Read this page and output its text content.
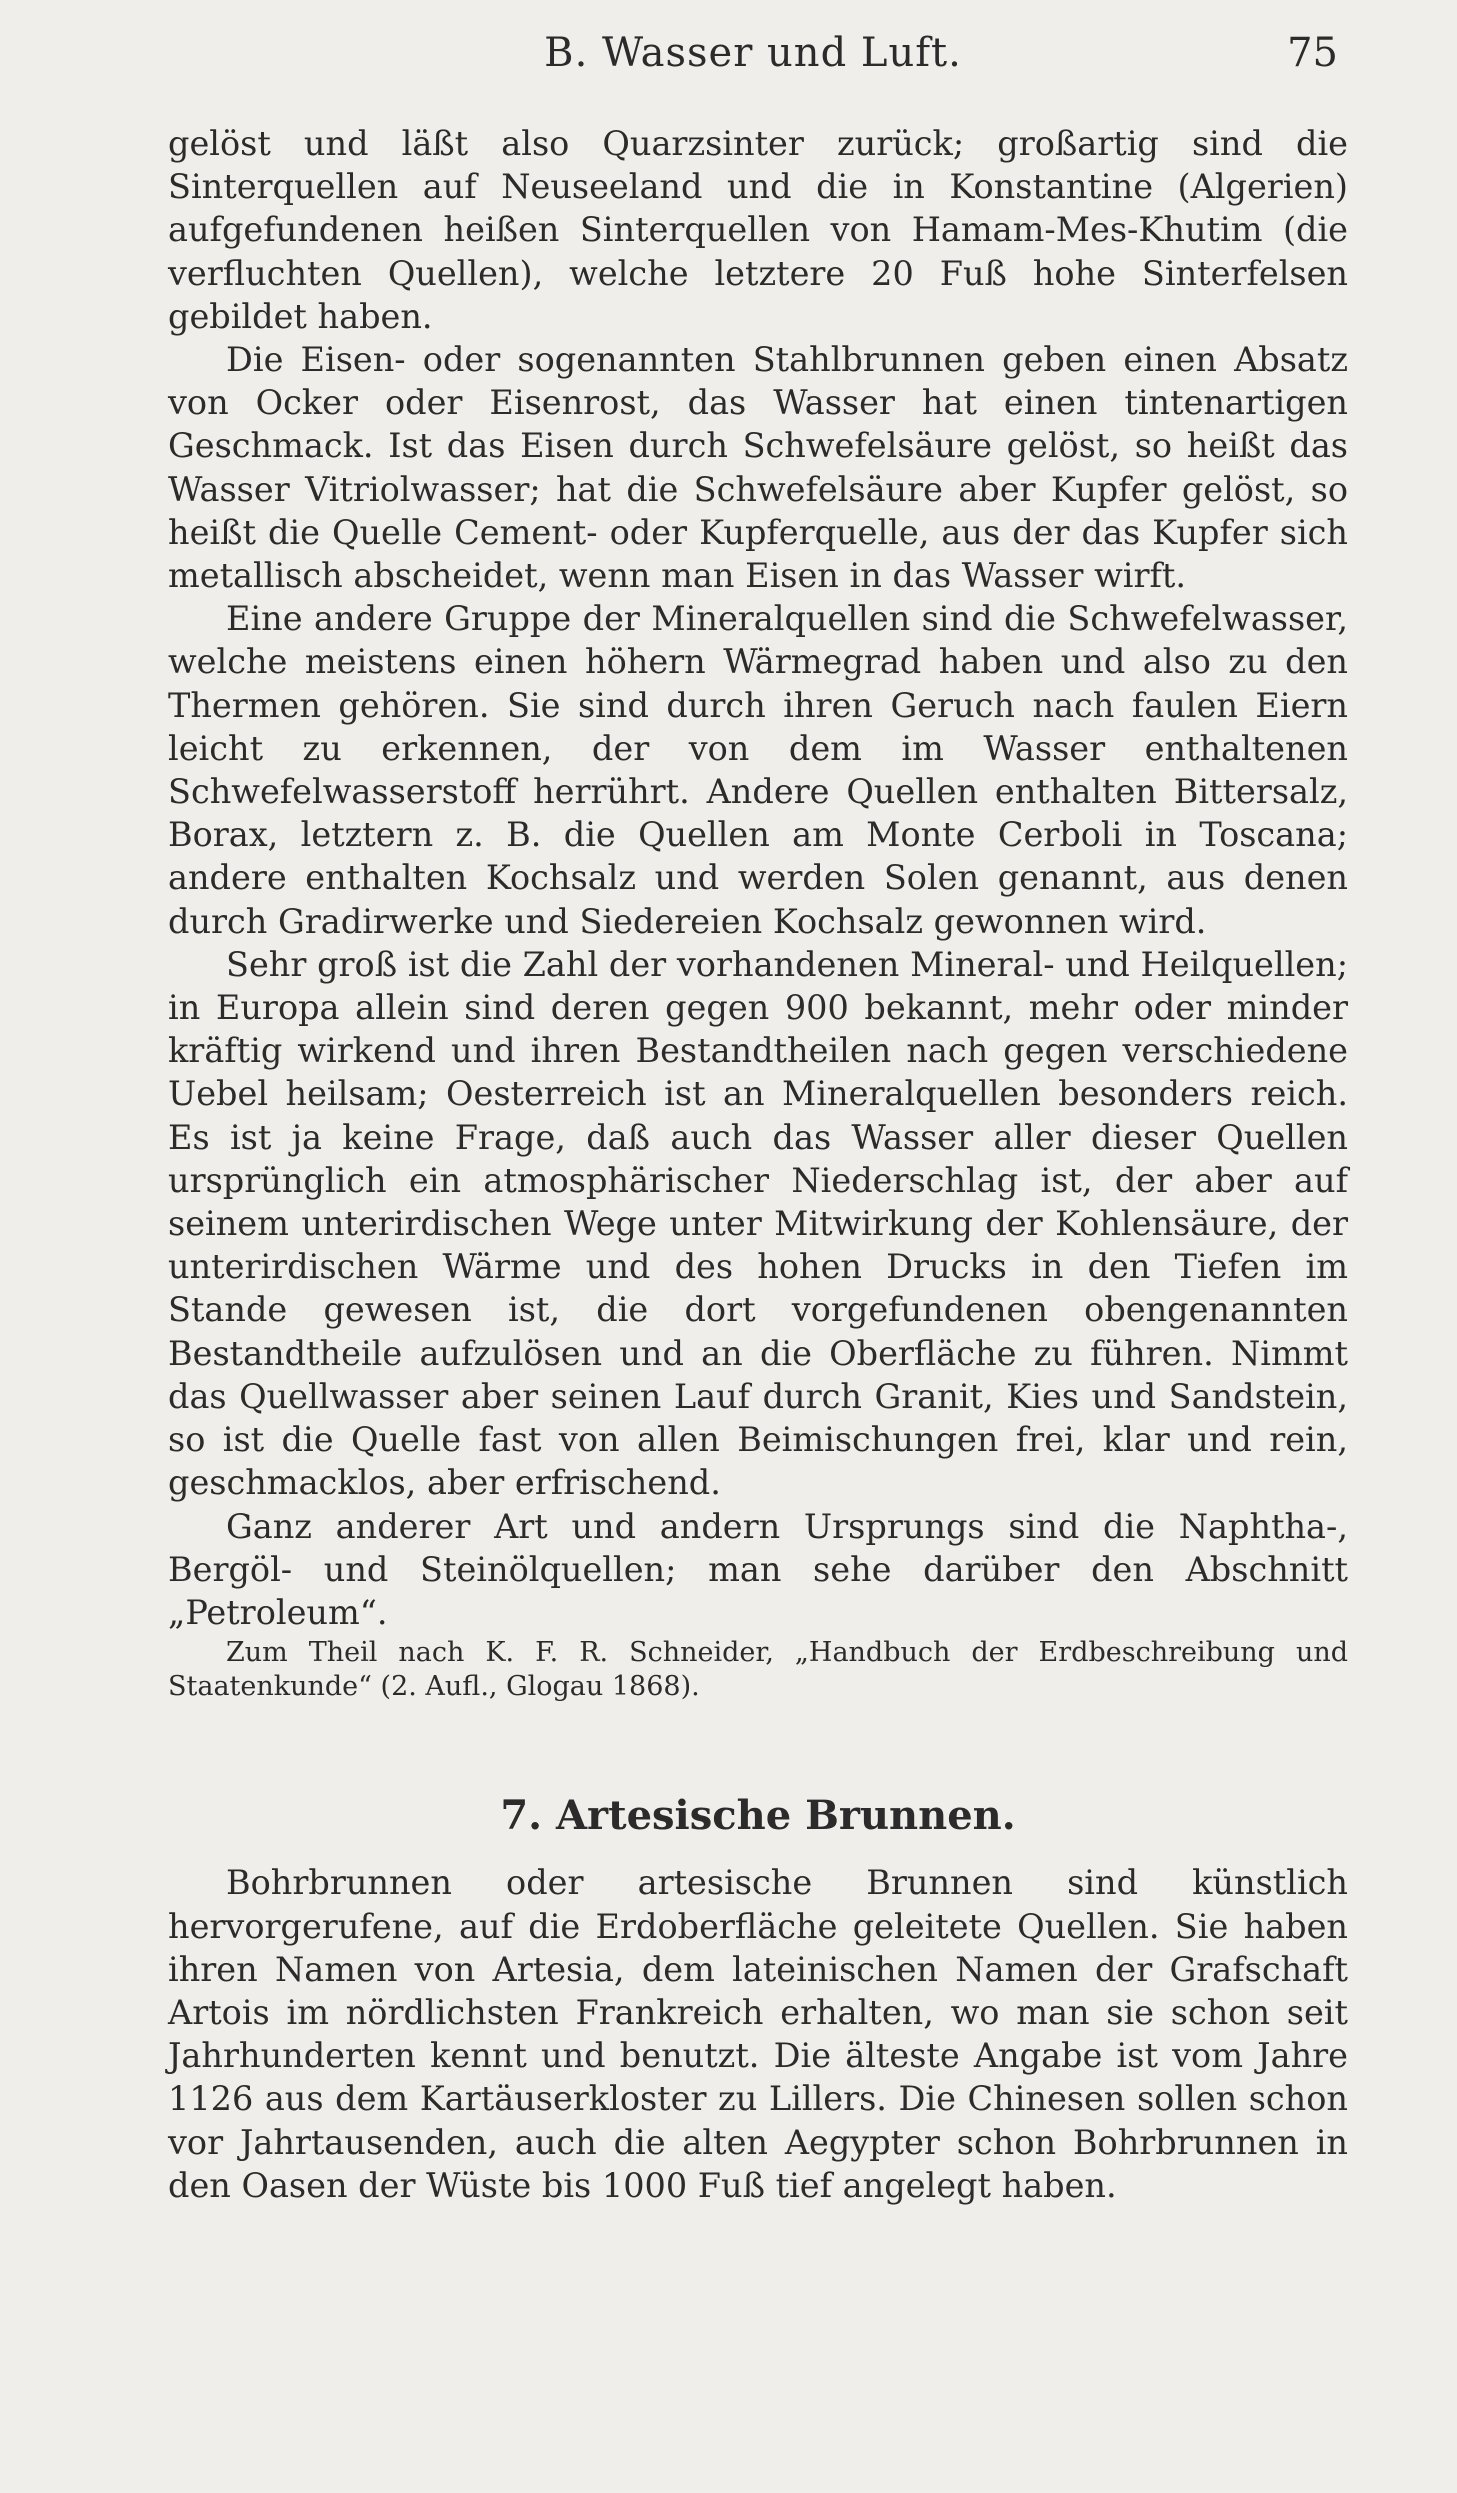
B. Wasser und Luft.	75

gelöst und läßt also Quarzsinter zurück; großartig sind die Sinterquellen auf Neuseeland und die in Konstantine (Algerien) aufgefundenen heißen Sinterquellen von Hamam-Mes-Khutim (die verfluchten Quellen), welche letztere 20 Fuß hohe Sinterfelsen gebildet haben.

Die Eisen- oder sogenannten Stahlbrunnen geben einen Absatz von Ocker oder Eisenrost, das Wasser hat einen tintenartigen Geschmack. Ist das Eisen durch Schwefelsäure gelöst, so heißt das Wasser Vitriolwasser; hat die Schwefelsäure aber Kupfer gelöst, so heißt die Quelle Cement- oder Kupferquelle, aus der das Kupfer sich metallisch abscheidet, wenn man Eisen in das Wasser wirft.

Eine andere Gruppe der Mineralquellen sind die Schwefelwasser, welche meistens einen höhern Wärmegrad haben und also zu den Thermen gehören. Sie sind durch ihren Geruch nach faulen Eiern leicht zu erkennen, der von dem im Wasser enthaltenen Schwefelwasserstoff herrührt. Andere Quellen enthalten Bittersalz, Borax, letztern z. B. die Quellen am Monte Cerboli in Toscana; andere enthalten Kochsalz und werden Solen genannt, aus denen durch Gradirwerke und Siedereien Kochsalz gewonnen wird.

Sehr groß ist die Zahl der vorhandenen Mineral- und Heilquellen; in Europa allein sind deren gegen 900 bekannt, mehr oder minder kräftig wirkend und ihren Bestandtheilen nach gegen verschiedene Uebel heilsam; Oesterreich ist an Mineralquellen besonders reich. Es ist ja keine Frage, daß auch das Wasser aller dieser Quellen ursprünglich ein atmosphärischer Niederschlag ist, der aber auf seinem unterirdischen Wege unter Mitwirkung der Kohlensäure, der unterirdischen Wärme und des hohen Drucks in den Tiefen im Stande gewesen ist, die dort vorgefundenen obengenannten Bestandtheile aufzulösen und an die Oberfläche zu führen. Nimmt das Quellwasser aber seinen Lauf durch Granit, Kies und Sandstein, so ist die Quelle fast von allen Beimischungen frei, klar und rein, geschmacklos, aber erfrischend.

Ganz anderer Art und andern Ursprungs sind die Naphtha-, Bergöl- und Steinölquellen; man sehe darüber den Abschnitt „Petroleum“.

Zum Theil nach K. F. R. Schneider, „Handbuch der Erdbeschreibung und Staatenkunde“ (2. Aufl., Glogau 1868).

7. Artesische Brunnen.

Bohrbrunnen oder artesische Brunnen sind künstlich hervorgerufene, auf die Erdoberfläche geleitete Quellen. Sie haben ihren Namen von Artesia, dem lateinischen Namen der Grafschaft Artois im nördlichsten Frankreich erhalten, wo man sie schon seit Jahrhunderten kennt und benutzt. Die älteste Angabe ist vom Jahre 1126 aus dem Kartäuserkloster zu Lillers. Die Chinesen sollen schon vor Jahrtausenden, auch die alten Aegypter schon Bohrbrunnen in den Oasen der Wüste bis 1000 Fuß tief angelegt haben.
